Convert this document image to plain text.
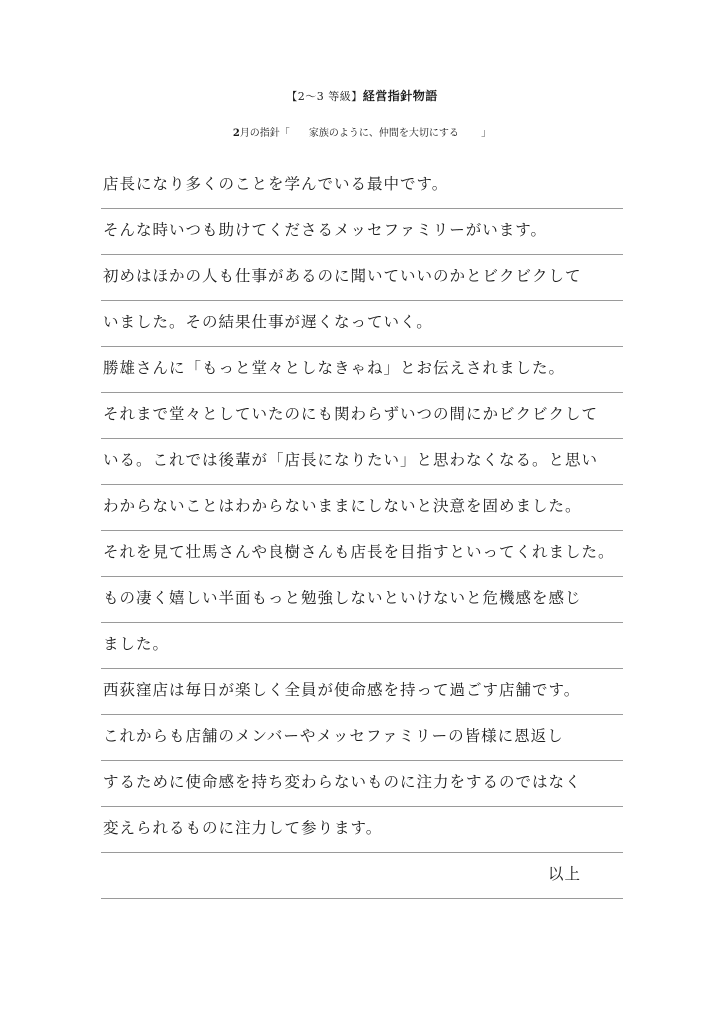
【2〜3 等級】経営指針物語
2月の指針「 家族のように、仲間を大切にする 」
店長になり多くのことを学んでいる最中です。
そんな時いつも助けてくださるメッセファミリーがいます。
初めはほかの人も仕事があるのに聞いていいのかとビクビクして
いました。その結果仕事が遅くなっていく。
勝雄さんに「もっと堂々としなきゃね」とお伝えされました。
それまで堂々としていたのにも関わらずいつの間にかビクビクして
いる。これでは後輩が「店長になりたい」と思わなくなる。と思い
わからないことはわからないままにしないと決意を固めました。
それを見て壮馬さんや良樹さんも店長を目指すといってくれました。
もの凄く嬉しい半面もっと勉強しないといけないと危機感を感じ
ました。
西荻窪店は毎日が楽しく全員が使命感を持って過ごす店舗です。
これからも店舗のメンバーやメッセファミリーの皆様に恩返し
するために使命感を持ち変わらないものに注力をするのではなく
変えられるものに注力して参ります。
以上
